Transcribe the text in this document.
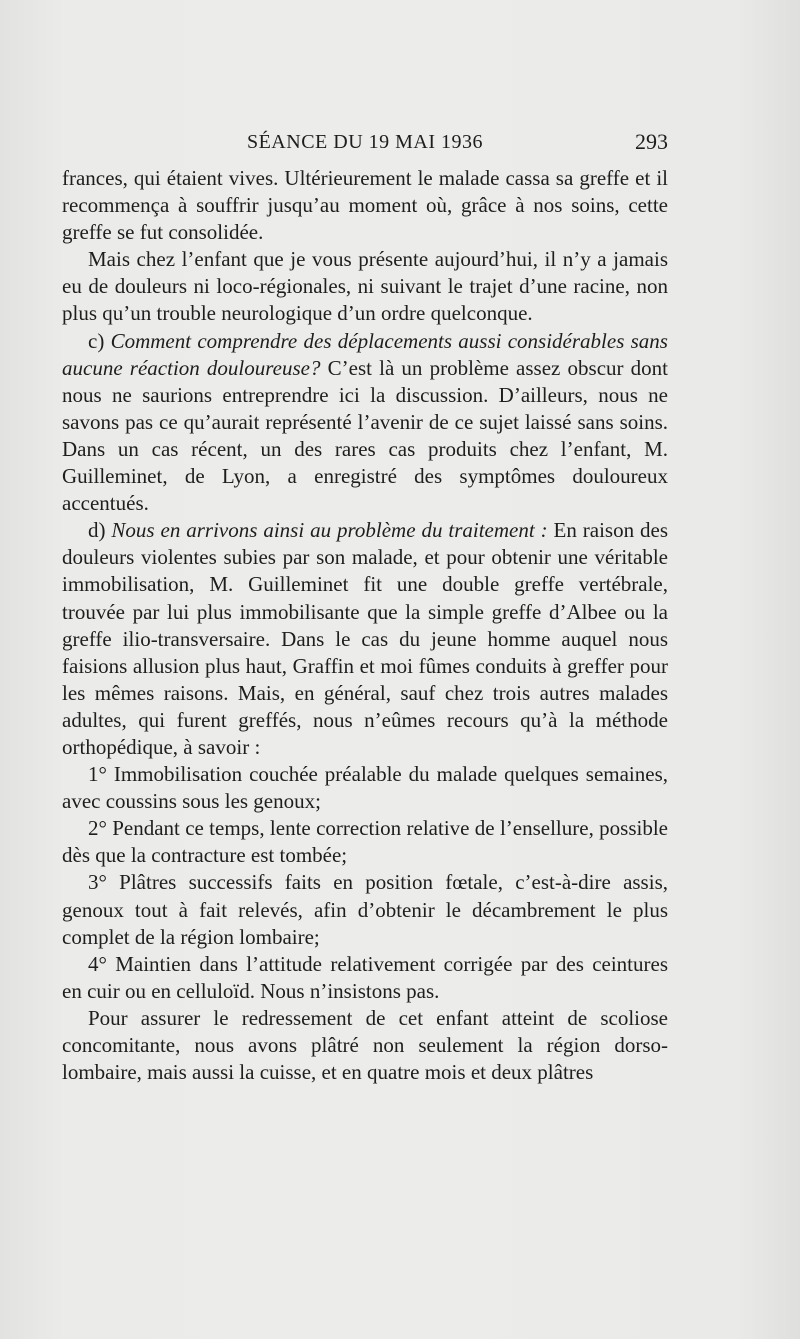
SÉANCE DU 19 MAI 1936	293

frances, qui étaient vives. Ultérieurement le malade cassa sa greffe et il recommença à souffrir jusqu’au moment où, grâce à nos soins, cette greffe se fut consolidée.

Mais chez l’enfant que je vous présente aujourd’hui, il n’y a jamais eu de douleurs ni loco-régionales, ni suivant le trajet d’une racine, non plus qu’un trouble neurologique d’un ordre quelconque.

c) Comment comprendre des déplacements aussi considérables sans aucune réaction douloureuse? C’est là un problème assez obscur dont nous ne saurions entreprendre ici la discussion. D’ailleurs, nous ne savons pas ce qu’aurait représenté l’avenir de ce sujet laissé sans soins. Dans un cas récent, un des rares cas produits chez l’enfant, M. Guilleminet, de Lyon, a enregistré des symptômes douloureux accentués.

d) Nous en arrivons ainsi au problème du traitement : En raison des douleurs violentes subies par son malade, et pour obtenir une véritable immobilisation, M. Guilleminet fit une double greffe vertébrale, trouvée par lui plus immobilisante que la simple greffe d’Albee ou la greffe ilio-transversaire. Dans le cas du jeune homme auquel nous faisions allusion plus haut, Graffin et moi fûmes conduits à greffer pour les mêmes raisons. Mais, en général, sauf chez trois autres malades adultes, qui furent greffés, nous n’eûmes recours qu’à la méthode orthopédique, à savoir :

1° Immobilisation couchée préalable du malade quelques semaines, avec coussins sous les genoux;

2° Pendant ce temps, lente correction relative de l’ensellure, possible dès que la contracture est tombée;

3° Plâtres successifs faits en position fœtale, c’est-à-dire assis, genoux tout à fait relevés, afin d’obtenir le décambrement le plus complet de la région lombaire;

4° Maintien dans l’attitude relativement corrigée par des ceintures en cuir ou en celluloïd. Nous n’insistons pas.

Pour assurer le redressement de cet enfant atteint de scoliose concomitante, nous avons plâtré non seulement la région dorso-lombaire, mais aussi la cuisse, et en quatre mois et deux plâtres
